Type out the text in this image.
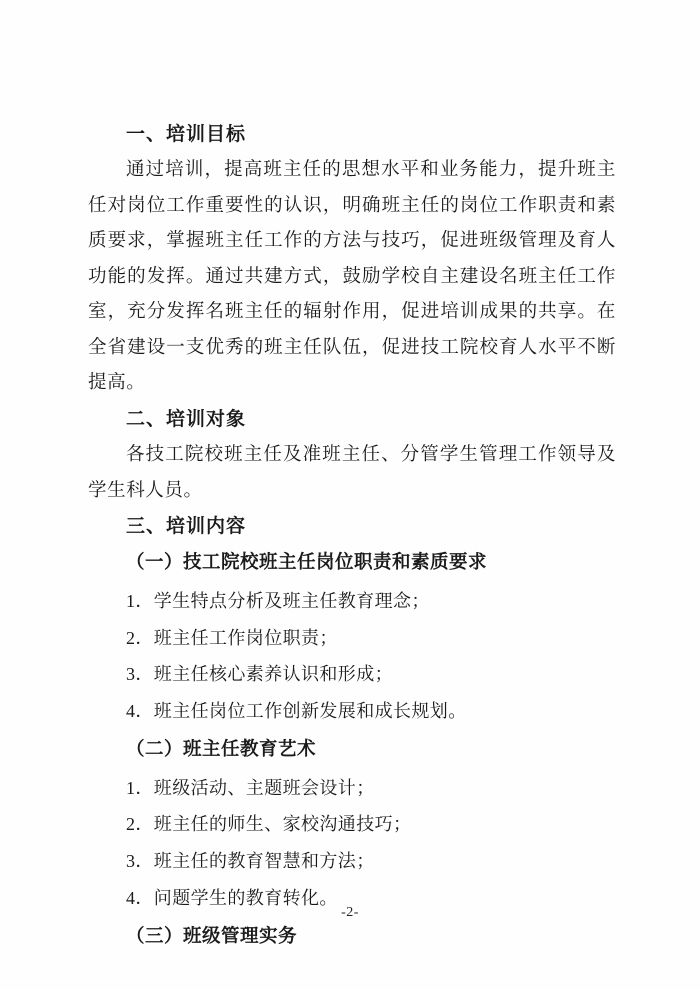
一、培训目标

通过培训，提高班主任的思想水平和业务能力，提升班主任对岗位工作重要性的认识，明确班主任的岗位工作职责和素质要求，掌握班主任工作的方法与技巧，促进班级管理及育人功能的发挥。通过共建方式，鼓励学校自主建设名班主任工作室，充分发挥名班主任的辐射作用，促进培训成果的共享。在全省建设一支优秀的班主任队伍，促进技工院校育人水平不断提高。

二、培训对象

各技工院校班主任及准班主任、分管学生管理工作领导及学生科人员。

三、培训内容

（一）技工院校班主任岗位职责和素质要求

1．学生特点分析及班主任教育理念；

2．班主任工作岗位职责；

3．班主任核心素养认识和形成；

4．班主任岗位工作创新发展和成长规划。

（二）班主任教育艺术

1．班级活动、主题班会设计；

2．班主任的师生、家校沟通技巧；

3．班主任的教育智慧和方法；

4．问题学生的教育转化。

（三）班级管理实务

-2-
